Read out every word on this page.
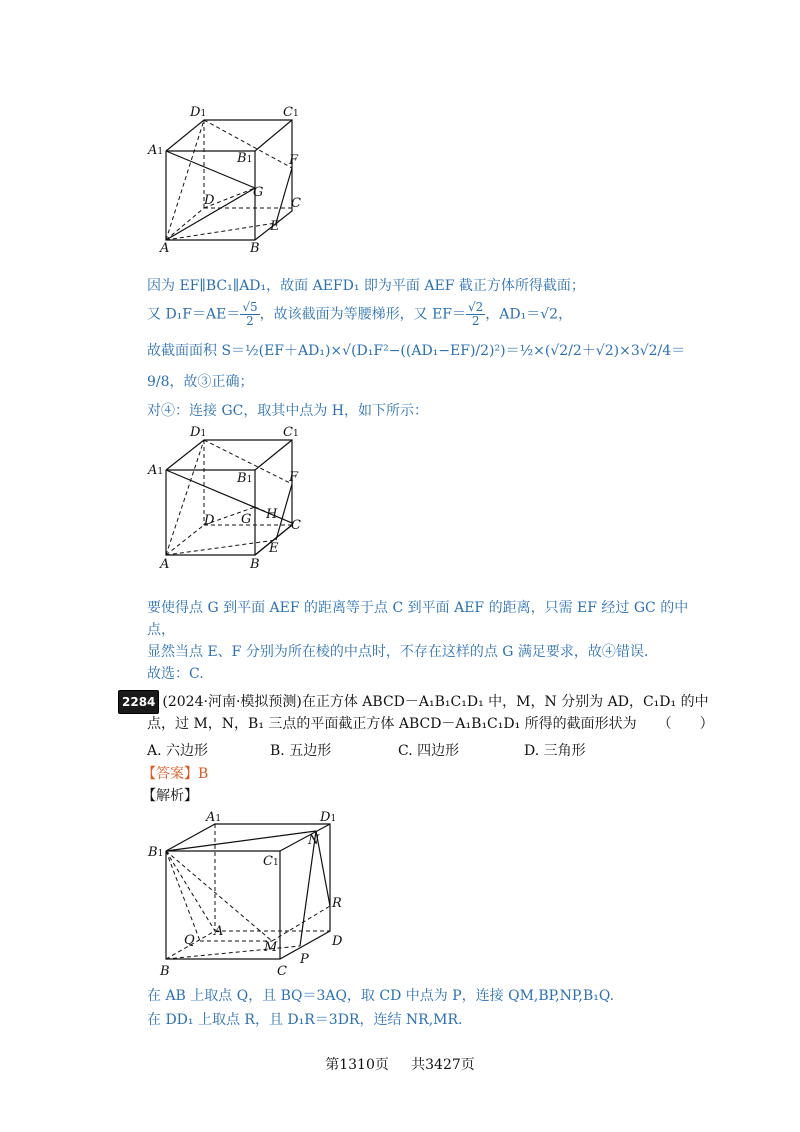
D1	C1
A1	B1	F
G
D	C
E
A	B
因为 EF∥BC₁∥AD₁，故面 AEFD₁ 即为平面 AEF 截正方体所得截面；
又 $D_1F=AE= \frac{√5}{2}$ ，故该截面为等腰梯形，又 $EF= \frac{√2}{2}$ ，AD₁＝√2，
故截面面积 S＝½(EF＋AD₁)×√(D₁F²−((AD₁−EF)/2)²)＝½×(√2/2＋√2)×3√2/4＝
9/8，故③正确；
对④：连接 GC，取其中点为 H，如下所示：
D1	C1
A1	B1	F
G H
D	C
E
A	B
要使得点 G 到平面 AEF 的距离等于点 C 到平面 AEF 的距离，只需 EF 经过 GC 的中
点，
显然当点 E、F 分别为所在棱的中点时，不存在这样的点 G 满足要求，故④错误.
故选：C.
2284 (2024·河南·模拟预测)在正方体 ABCD－A₁B₁C₁D₁ 中，M，N 分别为 AD，C₁D₁ 的中
点，过 M，N，B₁ 三点的平面截正方体 ABCD－A₁B₁C₁D₁ 所得的截面形状为　　（　　）
A. 六边形	B. 五边形	C. 四边形	D. 三角形
【答案】B
【解析】
A1	D1
B1	C1
N
R
Q
A
M	D
P
B	C
在 AB 上取点 Q，且 BQ＝3AQ，取 CD 中点为 P，连接 QM,BP,NP,B₁Q.
在 DD₁ 上取点 R，且 D₁R＝3DR，连结 NR,MR.
第1310页 共3427页
